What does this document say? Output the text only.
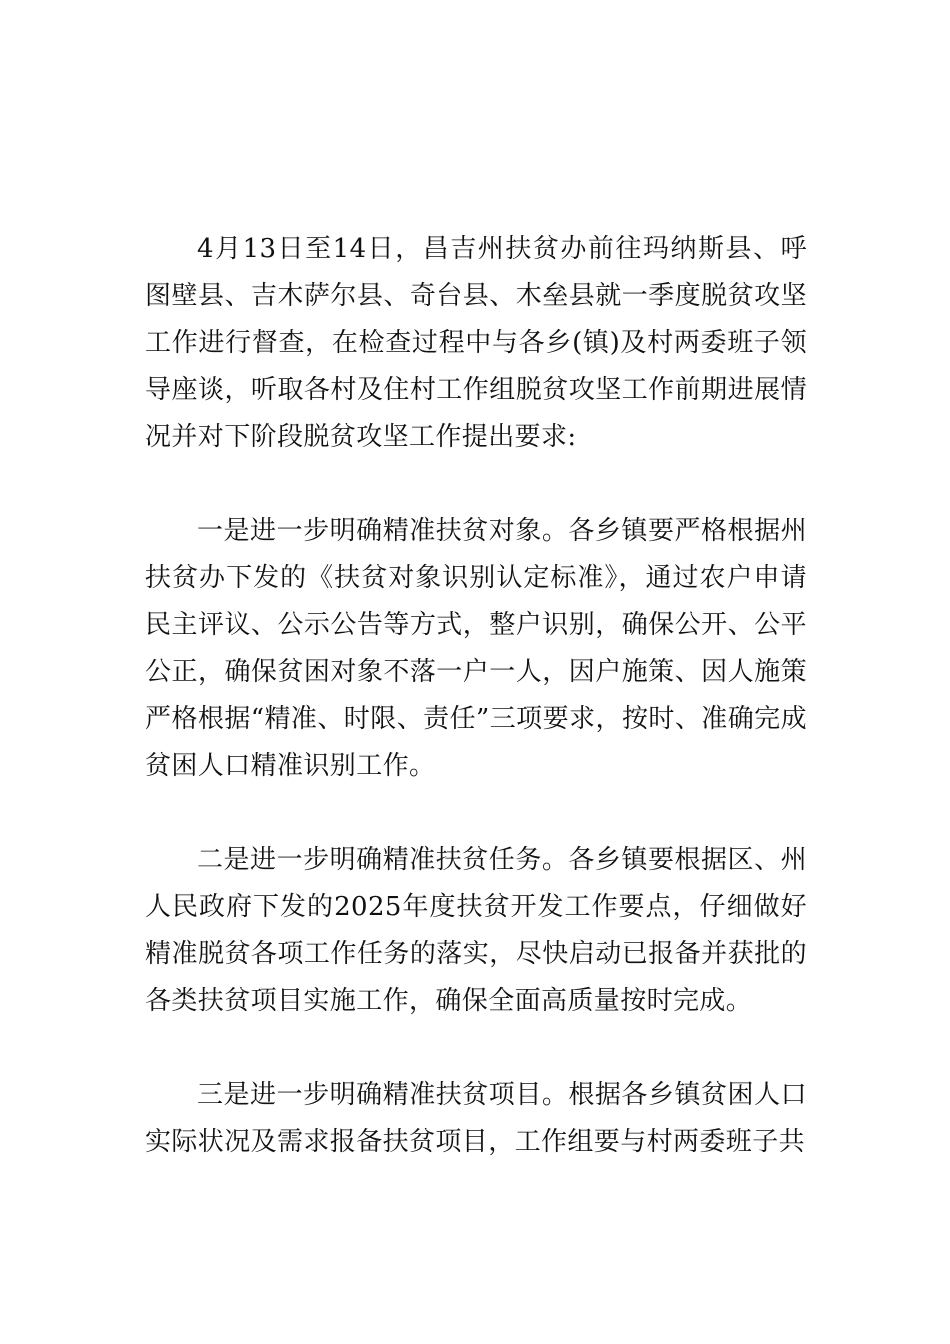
4月13日至14日，昌吉州扶贫办前往玛纳斯县、呼图壁县、吉木萨尔县、奇台县、木垒县就一季度脱贫攻坚工作进行督查，在检查过程中与各乡(镇)及村两委班子领导座谈，听取各村及住村工作组脱贫攻坚工作前期进展情况并对下阶段脱贫攻坚工作提出要求:

一是进一步明确精准扶贫对象。各乡镇要严格根据州扶贫办下发的《扶贫对象识别认定标准》，通过农户申请民主评议、公示公告等方式，整户识别，确保公开、公平公正，确保贫困对象不落一户一人，因户施策、因人施策严格根据“精准、时限、责任”三项要求，按时、准确完成贫困人口精准识别工作。

二是进一步明确精准扶贫任务。各乡镇要根据区、州人民政府下发的2025年度扶贫开发工作要点，仔细做好精准脱贫各项工作任务的落实，尽快启动已报备并获批的各类扶贫项目实施工作，确保全面高质量按时完成。

三是进一步明确精准扶贫项目。根据各乡镇贫困人口实际状况及需求报备扶贫项目，工作组要与村两委班子共
